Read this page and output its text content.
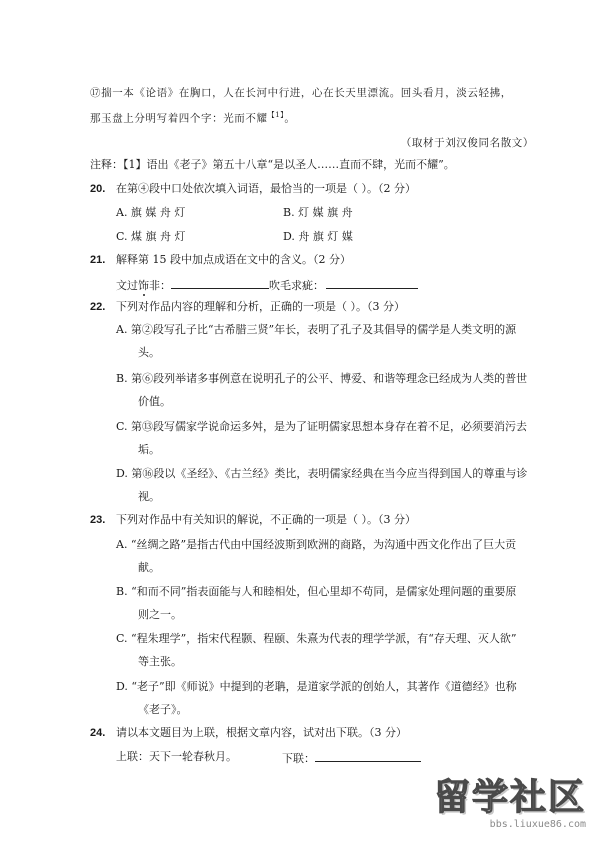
⑰揣一本《论语》在胸口，人在长河中行进，心在长天里漂流。回头看月，淡云轻拂，
那玉盘上分明写着四个字：光而不耀$^{【1】}$。
（取材于刘汉俊同名散文）
注释：【1】语出《老子》第五十八章“是以圣人……直而不肆，光而不耀”。
20. 在第④段中口处依次填入词语，最恰当的一项是（ ）。（2 分）
A. 旗 媒 舟 灯	B. 灯 媒 旗 舟
C. 煤 旗 舟 灯	D. 舟 旗 灯 媒
21. 解释第 15 段中加点成语在文中的含义。（2 分）
文过饰非：	吹毛求疵：
22. 下列对作品内容的理解和分析，正确的一项是（ ）。（3 分）
A. 第②段写孔子比“古希腊三贤”年长，表明了孔子及其倡导的儒学是人类文明的源
头。
B. 第⑥段列举诸多事例意在说明孔子的公平、博爱、和谐等理念已经成为人类的普世
价值。
C. 第⑬段写儒家学说命运多舛，是为了证明儒家思想本身存在着不足，必须要消污去
垢。
D. 第⑯段以《圣经》、《古兰经》类比，表明儒家经典在当今应当得到国人的尊重与诊
视。
23. 下列对作品中有关知识的解说，不正确的一项是（ ）。（3 分）
A. “丝绸之路”是指古代由中国经波斯到欧洲的商路，为沟通中西文化作出了巨大贡
献。
B. “和而不同”指表面能与人和睦相处，但心里却不苟同，是儒家处理问题的重要原
则之一。
C. “程朱理学”，指宋代程颢、程颐、朱熹为代表的理学学派，有“存天理、灭人欲”
等主张。
D. “老子”即《师说》中提到的老聃，是道家学派的创始人，其著作《道德经》也称
《老子》。
24. 请以本文题目为上联，根据文章内容，试对出下联。（3 分）
上联：天下一轮春秋月。	下联：
留学社区
bbs.liuxue86.com
